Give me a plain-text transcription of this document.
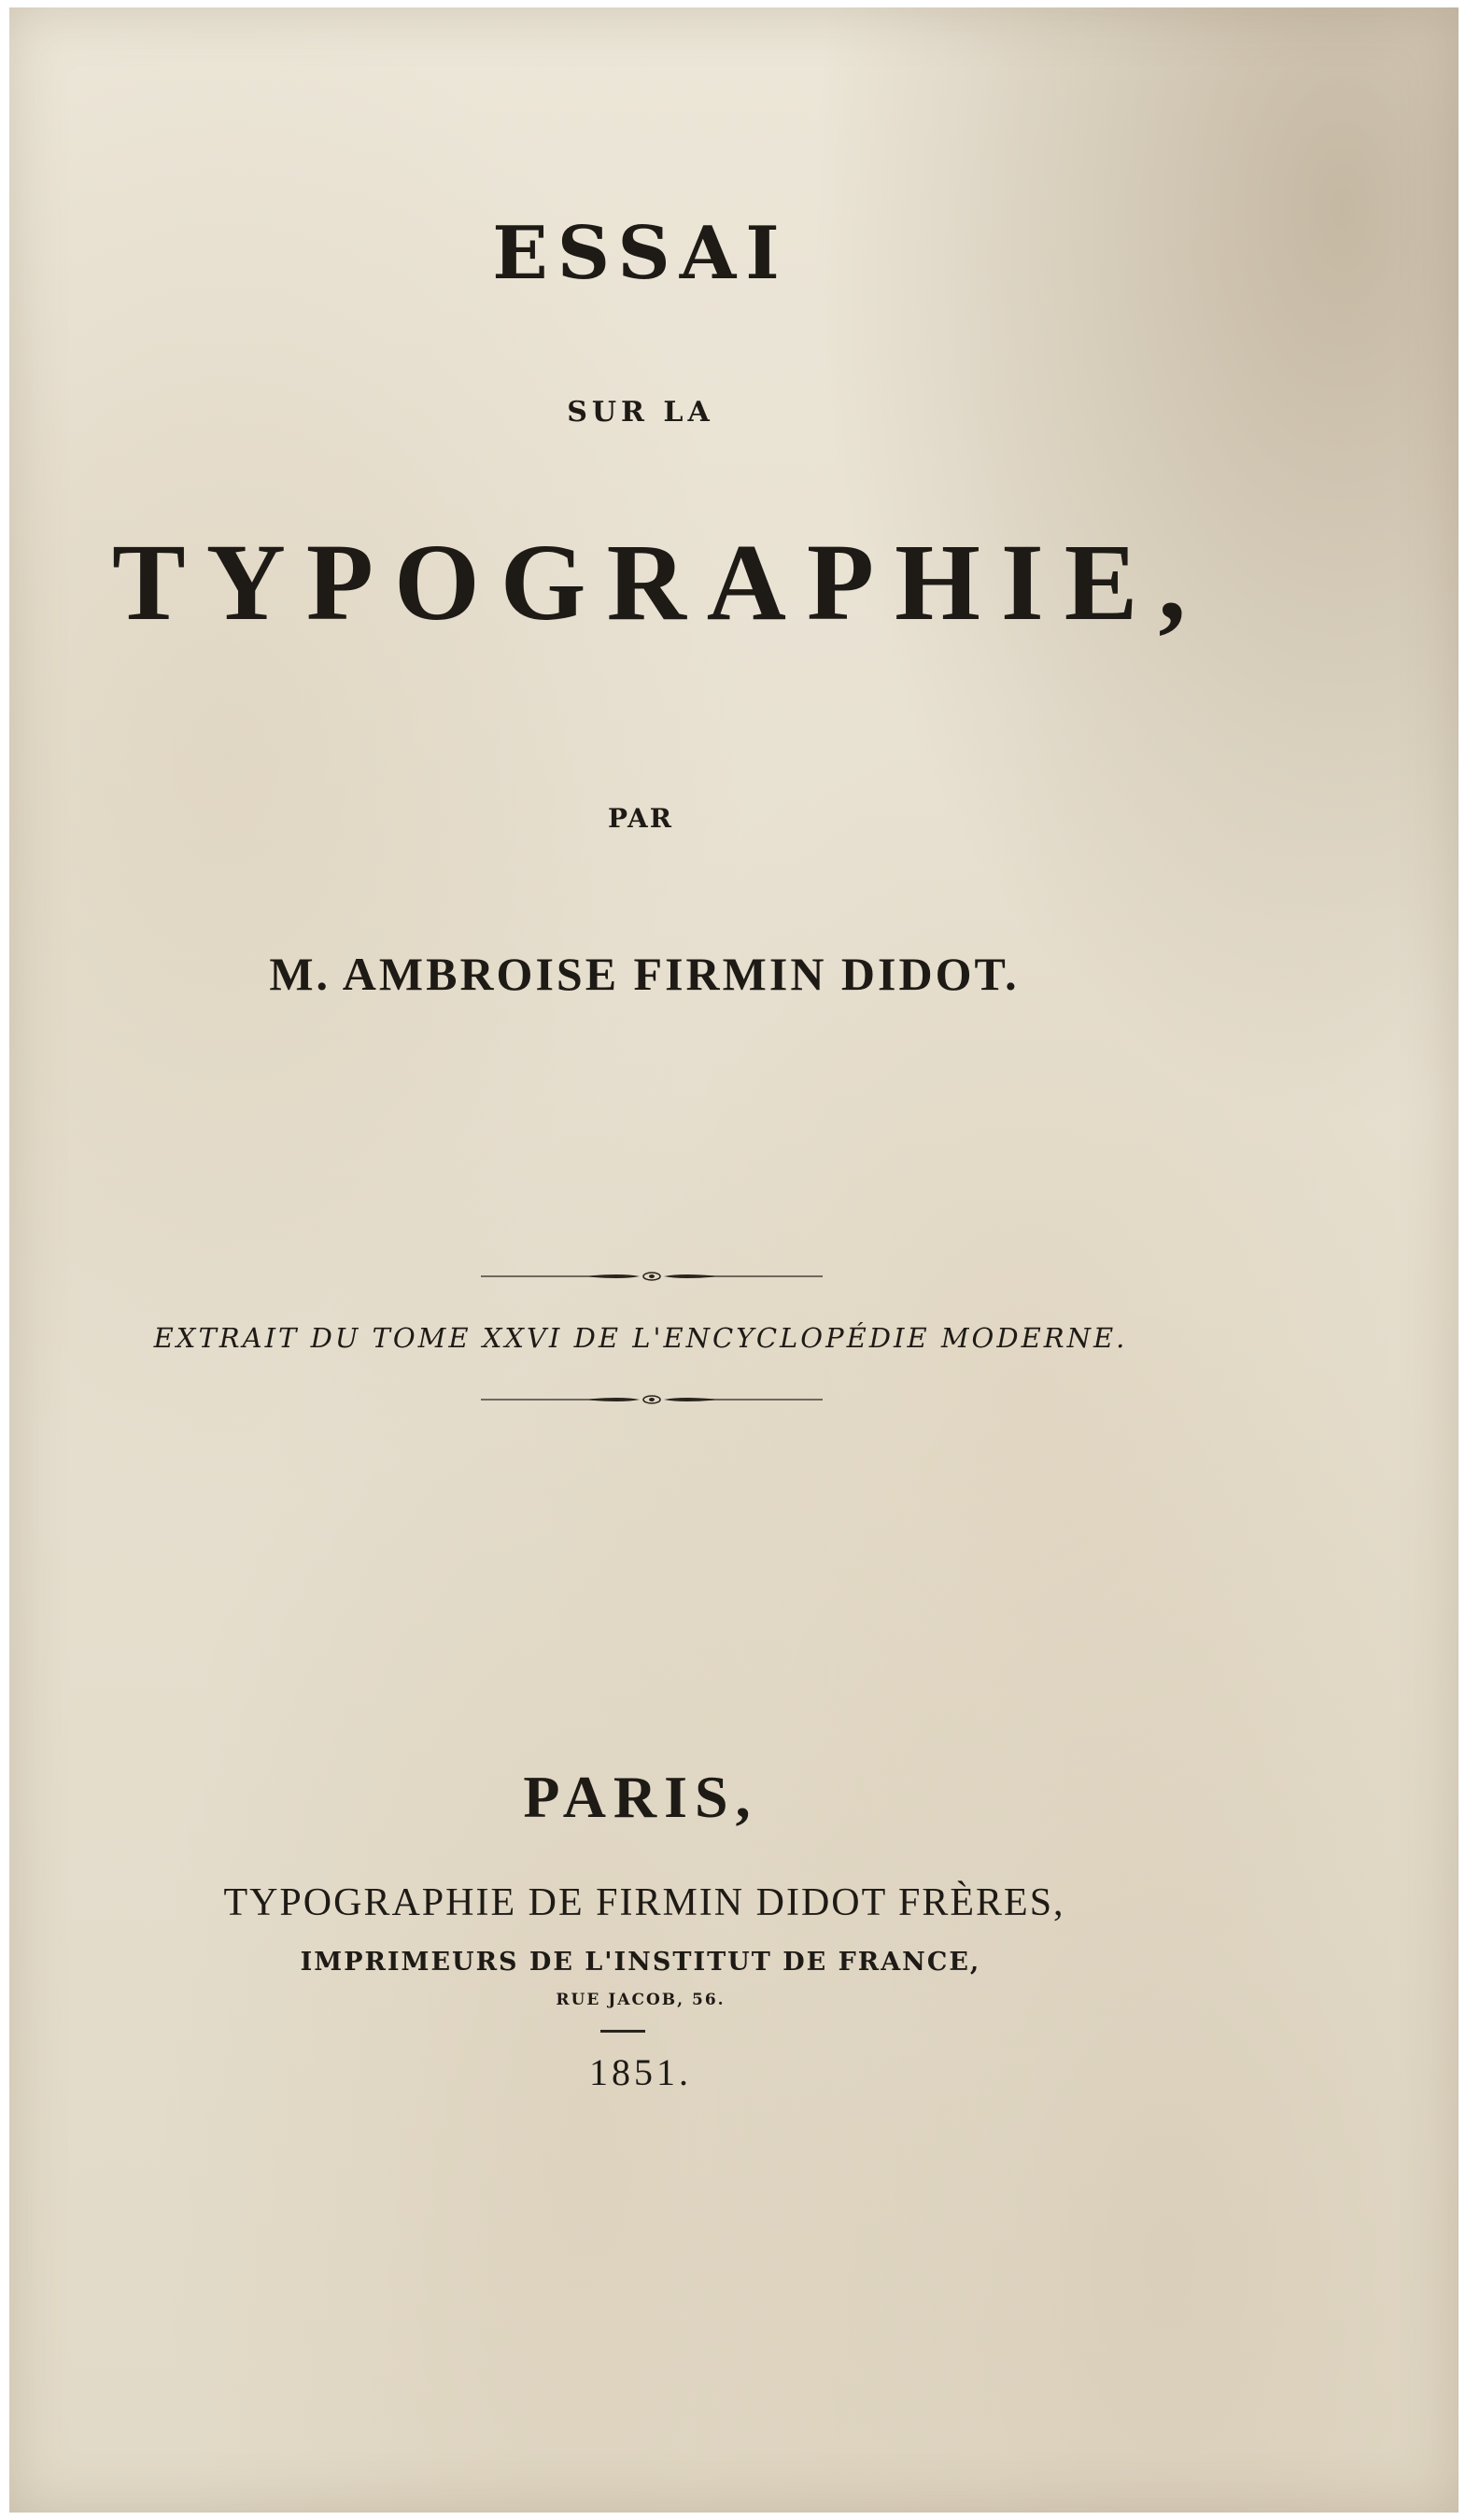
ESSAI
SUR LA
TYPOGRAPHIE,
PAR
M. AMBROISE FIRMIN DIDOT.
EXTRAIT DU TOME XXVI DE L'ENCYCLOPÉDIE MODERNE.
PARIS,
TYPOGRAPHIE DE FIRMIN DIDOT FRÈRES,
IMPRIMEURS DE L'INSTITUT DE FRANCE,
RUE JACOB, 56.
1851.
